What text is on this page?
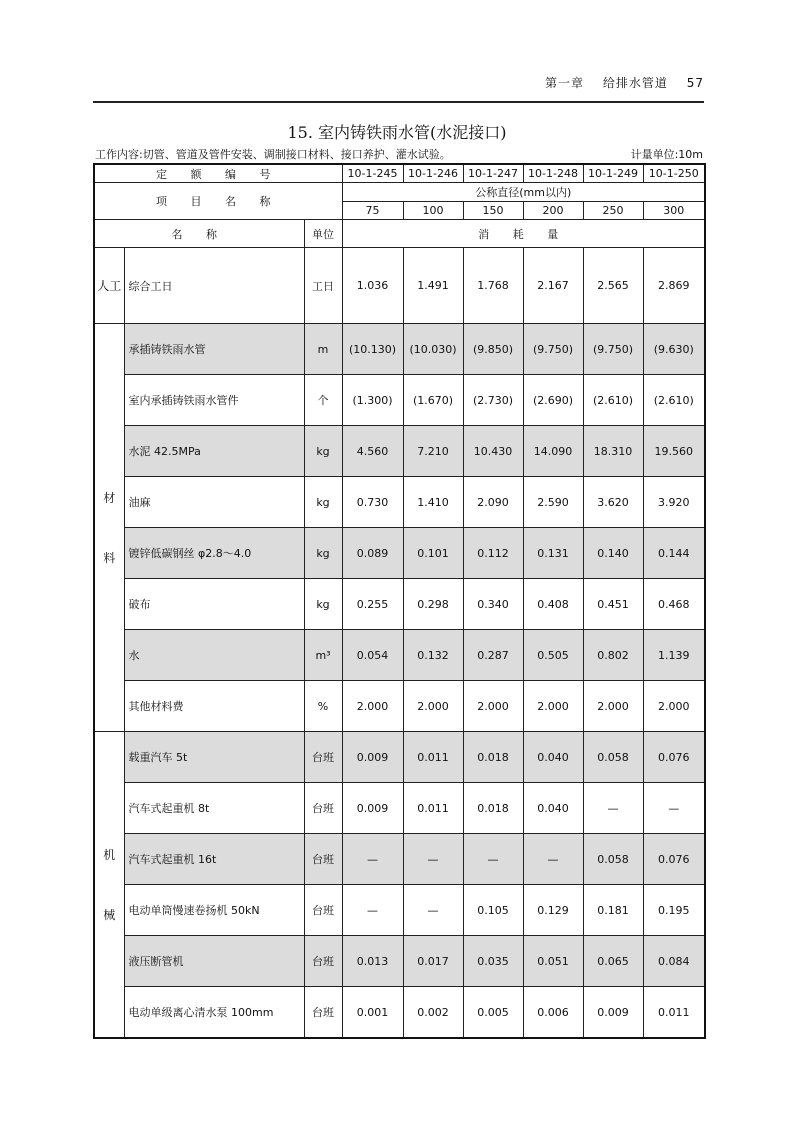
第一章 给排水管道 57
15. 室内铸铁雨水管(水泥接口)
工作内容:切管、管道及管件安装、调制接口材料、接口养护、灌水试验。	计量单位:10m
定 额 编 号			10-1-245	10-1-246	10-1-247	10-1-248	10-1-249	10-1-250
项 目 名 称			公称直径(mm以内)					
			75	100	150	200	250	300
名 称		单位	消 耗 量					
人工	综合工日	工日	1.036	1.491	1.768	2.167	2.565	2.869

材
料	承插铸铁雨水管	m	(10.130)	(10.030)	(9.850)	(9.750)	(9.750)	(9.630)
	室内承插铸铁雨水管件	个	(1.300)	(1.670)	(2.730)	(2.690)	(2.610)	(2.610)
	水泥 42.5MPa	kg	4.560	7.210	10.430	14.090	18.310	19.560
	油麻	kg	0.730	1.410	2.090	2.590	3.620	3.920
	镀锌低碳钢丝 φ2.8～4.0	kg	0.089	0.101	0.112	0.131	0.140	0.144
	破布	kg	0.255	0.298	0.340	0.408	0.451	0.468
	水	m³	0.054	0.132	0.287	0.505	0.802	1.139
	其他材料费	%	2.000	2.000	2.000	2.000	2.000	2.000

机
械	载重汽车 5t	台班	0.009	0.011	0.018	0.040	0.058	0.076
	汽车式起重机 8t	台班	0.009	0.011	0.018	0.040	—	—
	汽车式起重机 16t	台班	—	—	—	—	0.058	0.076
	电动单筒慢速卷扬机 50kN	台班	—	—	0.105	0.129	0.181	0.195
	液压断管机	台班	0.013	0.017	0.035	0.051	0.065	0.084
	电动单级离心清水泵 100mm	台班	0.001	0.002	0.005	0.006	0.009	0.011
